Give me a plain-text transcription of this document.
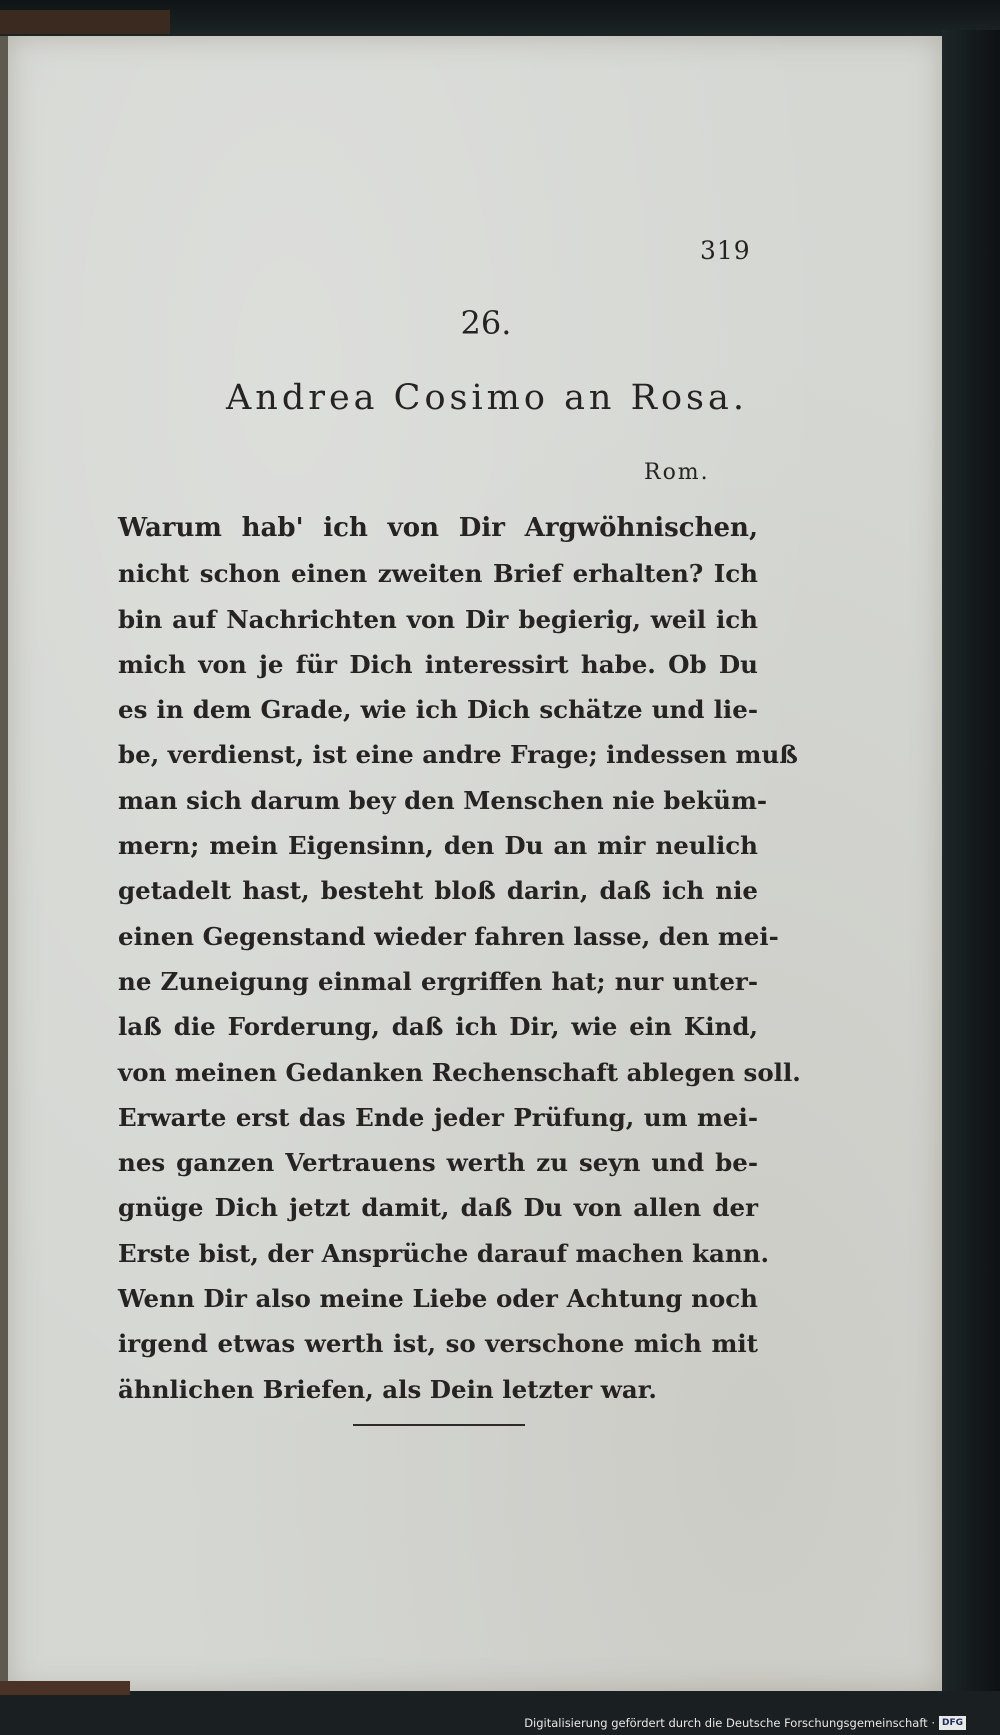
319
26.
Andrea Cosimo an Rosa.
Rom.
Warum hab' ich von Dir Argwöhnischen,
nicht schon einen zweiten Brief erhalten? Ich
bin auf Nachrichten von Dir begierig, weil ich
mich von je für Dich interessirt habe. Ob Du
es in dem Grade, wie ich Dich schätze und lie-
be, verdienst, ist eine andre Frage; indessen muß
man sich darum bey den Menschen nie beküm-
mern; mein Eigensinn, den Du an mir neulich
getadelt hast, besteht bloß darin, daß ich nie
einen Gegenstand wieder fahren lasse, den mei-
ne Zuneigung einmal ergriffen hat; nur unter-
laß die Forderung, daß ich Dir, wie ein Kind,
von meinen Gedanken Rechenschaft ablegen soll.
Erwarte erst das Ende jeder Prüfung, um mei-
nes ganzen Vertrauens werth zu seyn und be-
gnüge Dich jetzt damit, daß Du von allen der
Erste bist, der Ansprüche darauf machen kann.
Wenn Dir also meine Liebe oder Achtung noch
irgend etwas werth ist, so verschone mich mit
ähnlichen Briefen, als Dein letzter war.
Digitalisierung gefördert durch die Deutsche Forschungsgemeinschaft · DFG
